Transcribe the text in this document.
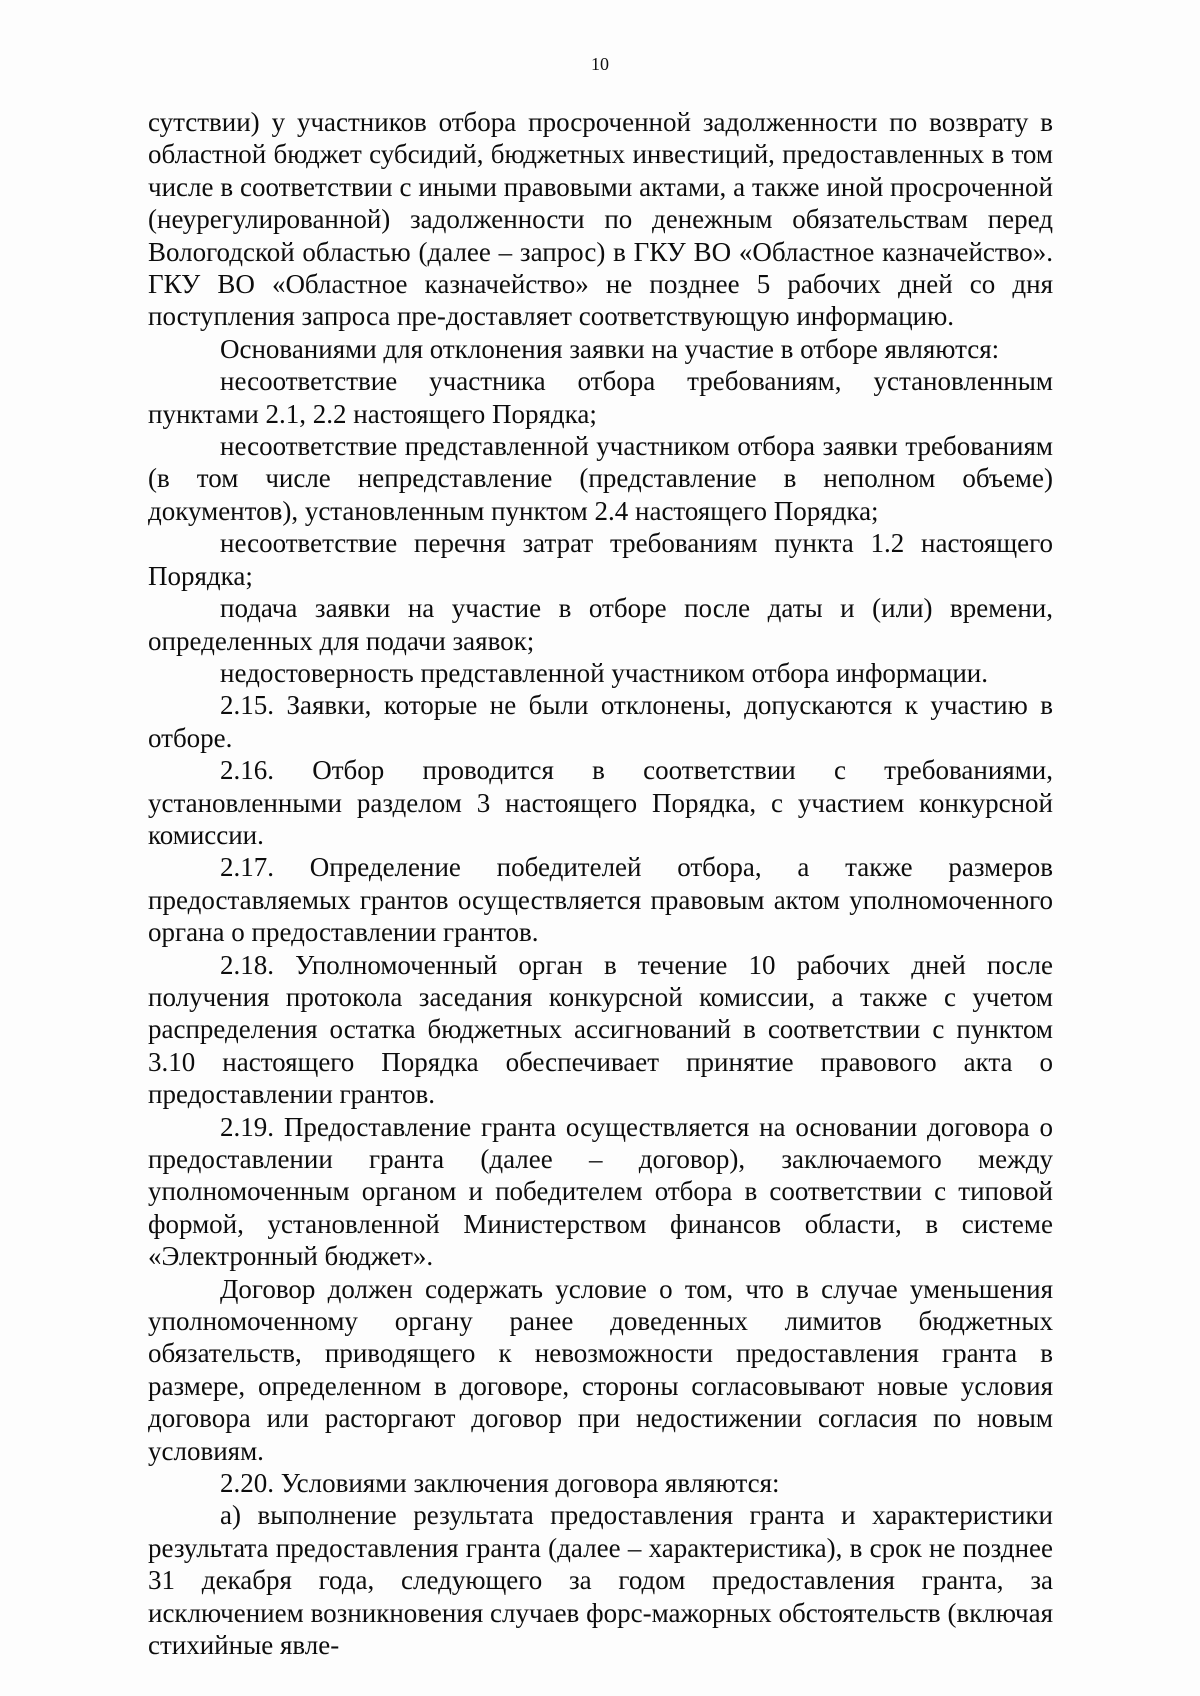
10

сутствии) у участников отбора просроченной задолженности по возврату в областной бюджет субсидий, бюджетных инвестиций, предоставленных в том числе в соответствии с иными правовыми актами, а также иной просроченной (неурегулированной) задолженности по денежным обязательствам перед Вологодской областью (далее – запрос) в ГКУ ВО «Областное казначейство». ГКУ ВО «Областное казначейство» не позднее 5 рабочих дней со дня поступления запроса пре-доставляет соответствующую информацию.

Основаниями для отклонения заявки на участие в отборе являются:

несоответствие участника отбора требованиям, установленным пунктами 2.1, 2.2 настоящего Порядка;

несоответствие представленной участником отбора заявки требованиям (в том числе непредставление (представление в неполном объеме) документов), установленным пунктом 2.4 настоящего Порядка;

несоответствие перечня затрат требованиям пункта 1.2 настоящего Порядка;

подача заявки на участие в отборе после даты и (или) времени, определенных для подачи заявок;

недостоверность представленной участником отбора информации.

2.15. Заявки, которые не были отклонены, допускаются к участию в отборе.

2.16. Отбор проводится в соответствии с требованиями, установленными разделом 3 настоящего Порядка, с участием конкурсной комиссии.

2.17. Определение победителей отбора, а также размеров предоставляемых грантов осуществляется правовым актом уполномоченного органа о предоставлении грантов.

2.18. Уполномоченный орган в течение 10 рабочих дней после получения протокола заседания конкурсной комиссии, а также с учетом распределения остатка бюджетных ассигнований в соответствии с пунктом 3.10 настоящего Порядка обеспечивает принятие правового акта о предоставлении грантов.

2.19. Предоставление гранта осуществляется на основании договора о предоставлении гранта (далее – договор), заключаемого между уполномоченным органом и победителем отбора в соответствии с типовой формой, установленной Министерством финансов области, в системе «Электронный бюджет».

Договор должен содержать условие о том, что в случае уменьшения уполномоченному органу ранее доведенных лимитов бюджетных обязательств, приводящего к невозможности предоставления гранта в размере, определенном в договоре, стороны согласовывают новые условия договора или расторгают договор при недостижении согласия по новым условиям.

2.20. Условиями заключения договора являются:

а) выполнение результата предоставления гранта и характеристики результата предоставления гранта (далее – характеристика), в срок не позднее 31 декабря года, следующего за годом предоставления гранта, за исключением возникновения случаев форс-мажорных обстоятельств (включая стихийные явле-
